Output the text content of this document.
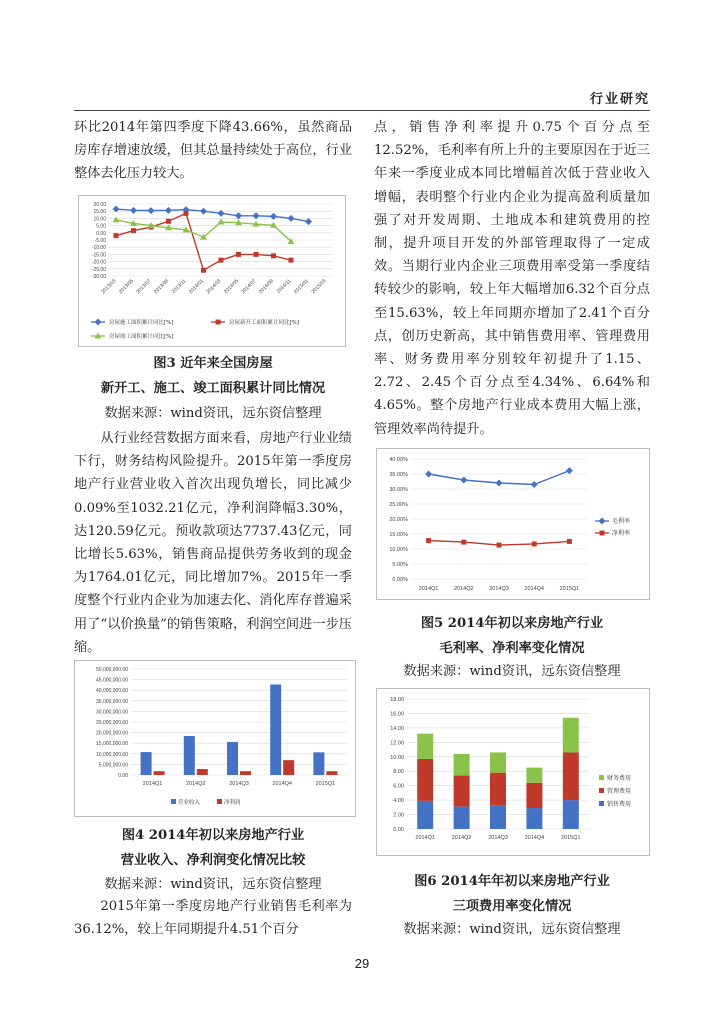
行业研究

环比2014年第四季度下降43.66%，虽然商品房库存增速放缓，但其总量持续处于高位，行业整体去化压力较大。

20.00
15.00
10.00
5.00
0.00
-5.00
-10.00
-15.00
-20.00
-25.00
-30.00
2013/03 2013/05 2013/07 2013/09 2013/11 2014/01 2014/03 2014/05 2014/07 2014/09 2014/11 2015/01 2015/03
房屋施工面积累计同比[%]	房屋新开工面积累计同比[%]
房屋竣工面积累计同比[%]
图3 近年来全国房屋
新开工、施工、竣工面积累计同比情况
数据来源：wind资讯，远东资信整理

从行业经营数据方面来看，房地产行业业绩下行，财务结构风险提升。2015年第一季度房地产行业营业收入首次出现负增长，同比减少0.09%至1032.21亿元，净利润降幅3.30%，达120.59亿元。预收款项达7737.43亿元，同比增长5.63%，销售商品提供劳务收到的现金为1764.01亿元，同比增加7%。2015年一季度整个行业内企业为加速去化、消化库存普遍采用了“以价换量”的销售策略，利润空间进一步压缩。

50,000,000.00
45,000,000.00
40,000,000.00
35,000,000.00
30,000,000.00
25,000,000.00
20,000,000.00
15,000,000.00
10,000,000.00
5,000,000.00
0.00
2014Q1	2014Q2	2014Q3	2014Q4	2015Q1
营业收入	净利润
图4 2014年初以来房地产行业
营业收入、净利润变化情况比较
数据来源：wind资讯，远东资信整理

2015年第一季度房地产行业销售毛利率为36.12%，较上年同期提升4.51个百分

点，销售净利率提升0.75个百分点至12.52%，毛利率有所上升的主要原因在于近三年来一季度业成本同比增幅首次低于营业收入增幅，表明整个行业内企业为提高盈利质量加强了对开发周期、土地成本和建筑费用的控制，提升项目开发的外部管理取得了一定成效。当期行业内企业三项费用率受第一季度结转较少的影响，较上年大幅增加6.32个百分点至15.63%，较上年同期亦增加了2.41个百分点，创历史新高，其中销售费用率、管理费用率、财务费用率分别较年初提升了1.15、2.72、2.45个百分点至4.34%、6.64%和4.65%。整个房地产行业成本费用大幅上涨，管理效率尚待提升。

40.00%
35.00%
30.00%
25.00%
20.00%
15.00%
10.00%
5.00%
0.00%
2014Q1	2014Q2	2014Q3	2014Q4	2015Q1
毛利率
净利率
图5 2014年初以来房地产行业
毛利率、净利率变化情况
数据来源：wind资讯，远东资信整理
18.00
16.00
14.00
12.00
10.00
8.00
6.00
4.00
2.00
0.00
2014Q1	2014Q2	2014Q3	2014Q4	2015Q1
财务费用
管理费用
销售费用
图6 2014年年初以来房地产行业
三项费用率变化情况
数据来源：wind资讯，远东资信整理
29
